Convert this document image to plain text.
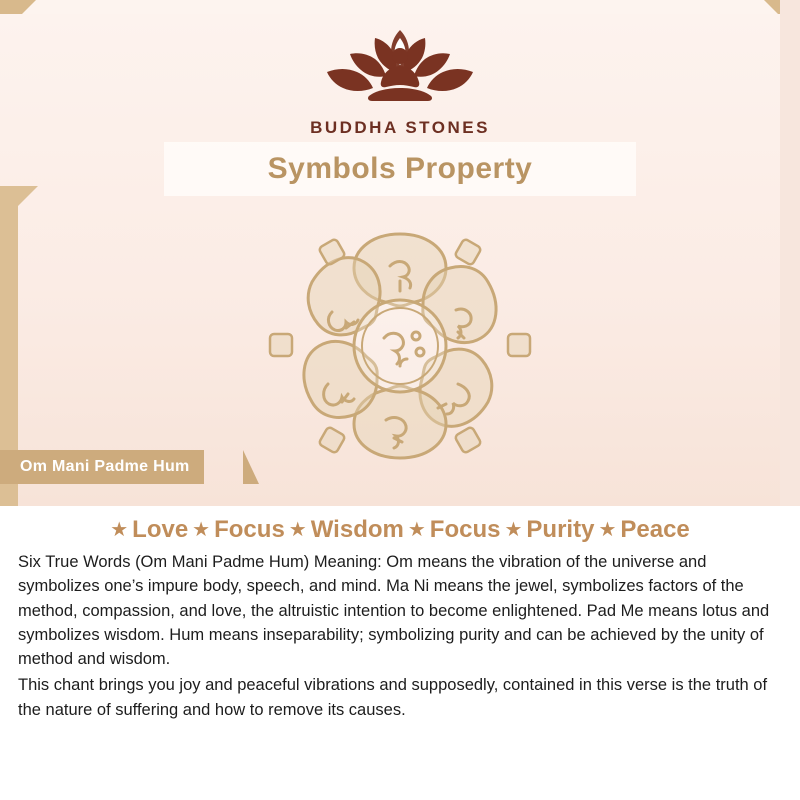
BUDDHA STONES
Symbols Property
Om Mani Padme Hum
★ Love ★ Focus ★ Wisdom ★ Focus ★ Purity ★ Peace

Six True Words (Om Mani Padme Hum) Meaning: Om means the vibration of the universe and symbolizes one’s impure body, speech, and mind. Ma Ni means the jewel, symbolizes factors of the method, compassion, and love, the altruistic intention to become enlightened. Pad Me means lotus and symbolizes wisdom. Hum means inseparability; symbolizing purity and can be achieved by the unity of method and wisdom.

This chant brings you joy and peaceful vibrations and supposedly, contained in this verse is the truth of the nature of suffering and how to remove its causes.
